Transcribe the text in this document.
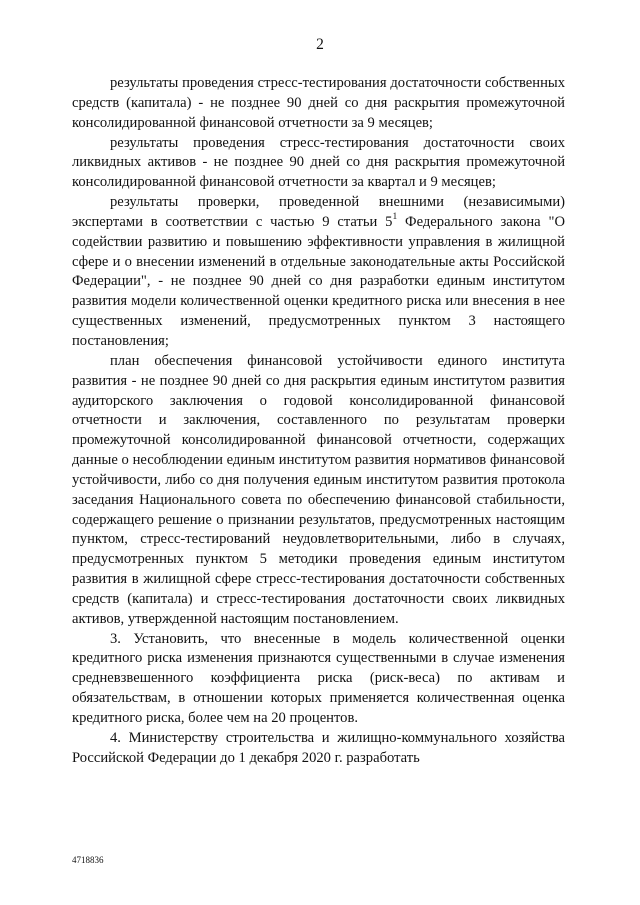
2

результаты проведения стресс-тестирования достаточности собственных средств (капитала) - не позднее 90 дней со дня раскрытия промежуточной консолидированной финансовой отчетности за 9 месяцев;

результаты проведения стресс-тестирования достаточности своих ликвидных активов - не позднее 90 дней со дня раскрытия промежуточной консолидированной финансовой отчетности за квартал и 9 месяцев;

результаты проверки, проведенной внешними (независимыми) экспертами в соответствии с частью 9 статьи $5^1$ Федерального закона "О содействии развитию и повышению эффективности управления в жилищной сфере и о внесении изменений в отдельные законодательные акты Российской Федерации", - не позднее 90 дней со дня разработки единым институтом развития модели количественной оценки кредитного риска или внесения в нее существенных изменений, предусмотренных пунктом 3 настоящего постановления;

план обеспечения финансовой устойчивости единого института развития - не позднее 90 дней со дня раскрытия единым институтом развития аудиторского заключения о годовой консолидированной финансовой отчетности и заключения, составленного по результатам проверки промежуточной консолидированной финансовой отчетности, содержащих данные о несоблюдении единым институтом развития нормативов финансовой устойчивости, либо со дня получения единым институтом развития протокола заседания Национального совета по обеспечению финансовой стабильности, содержащего решение о признании результатов, предусмотренных настоящим пунктом, стресс-тестирований неудовлетворительными, либо в случаях, предусмотренных пунктом 5 методики проведения единым институтом развития в жилищной сфере стресс-тестирования достаточности собственных средств (капитала) и стресс-тестирования достаточности своих ликвидных активов, утвержденной настоящим постановлением.

3. Установить, что внесенные в модель количественной оценки кредитного риска изменения признаются существенными в случае изменения средневзвешенного коэффициента риска (риск-веса) по активам и обязательствам, в отношении которых применяется количественная оценка кредитного риска, более чем на 20 процентов.

4. Министерству строительства и жилищно-коммунального хозяйства Российской Федерации до 1 декабря 2020 г. разработать

4718836
